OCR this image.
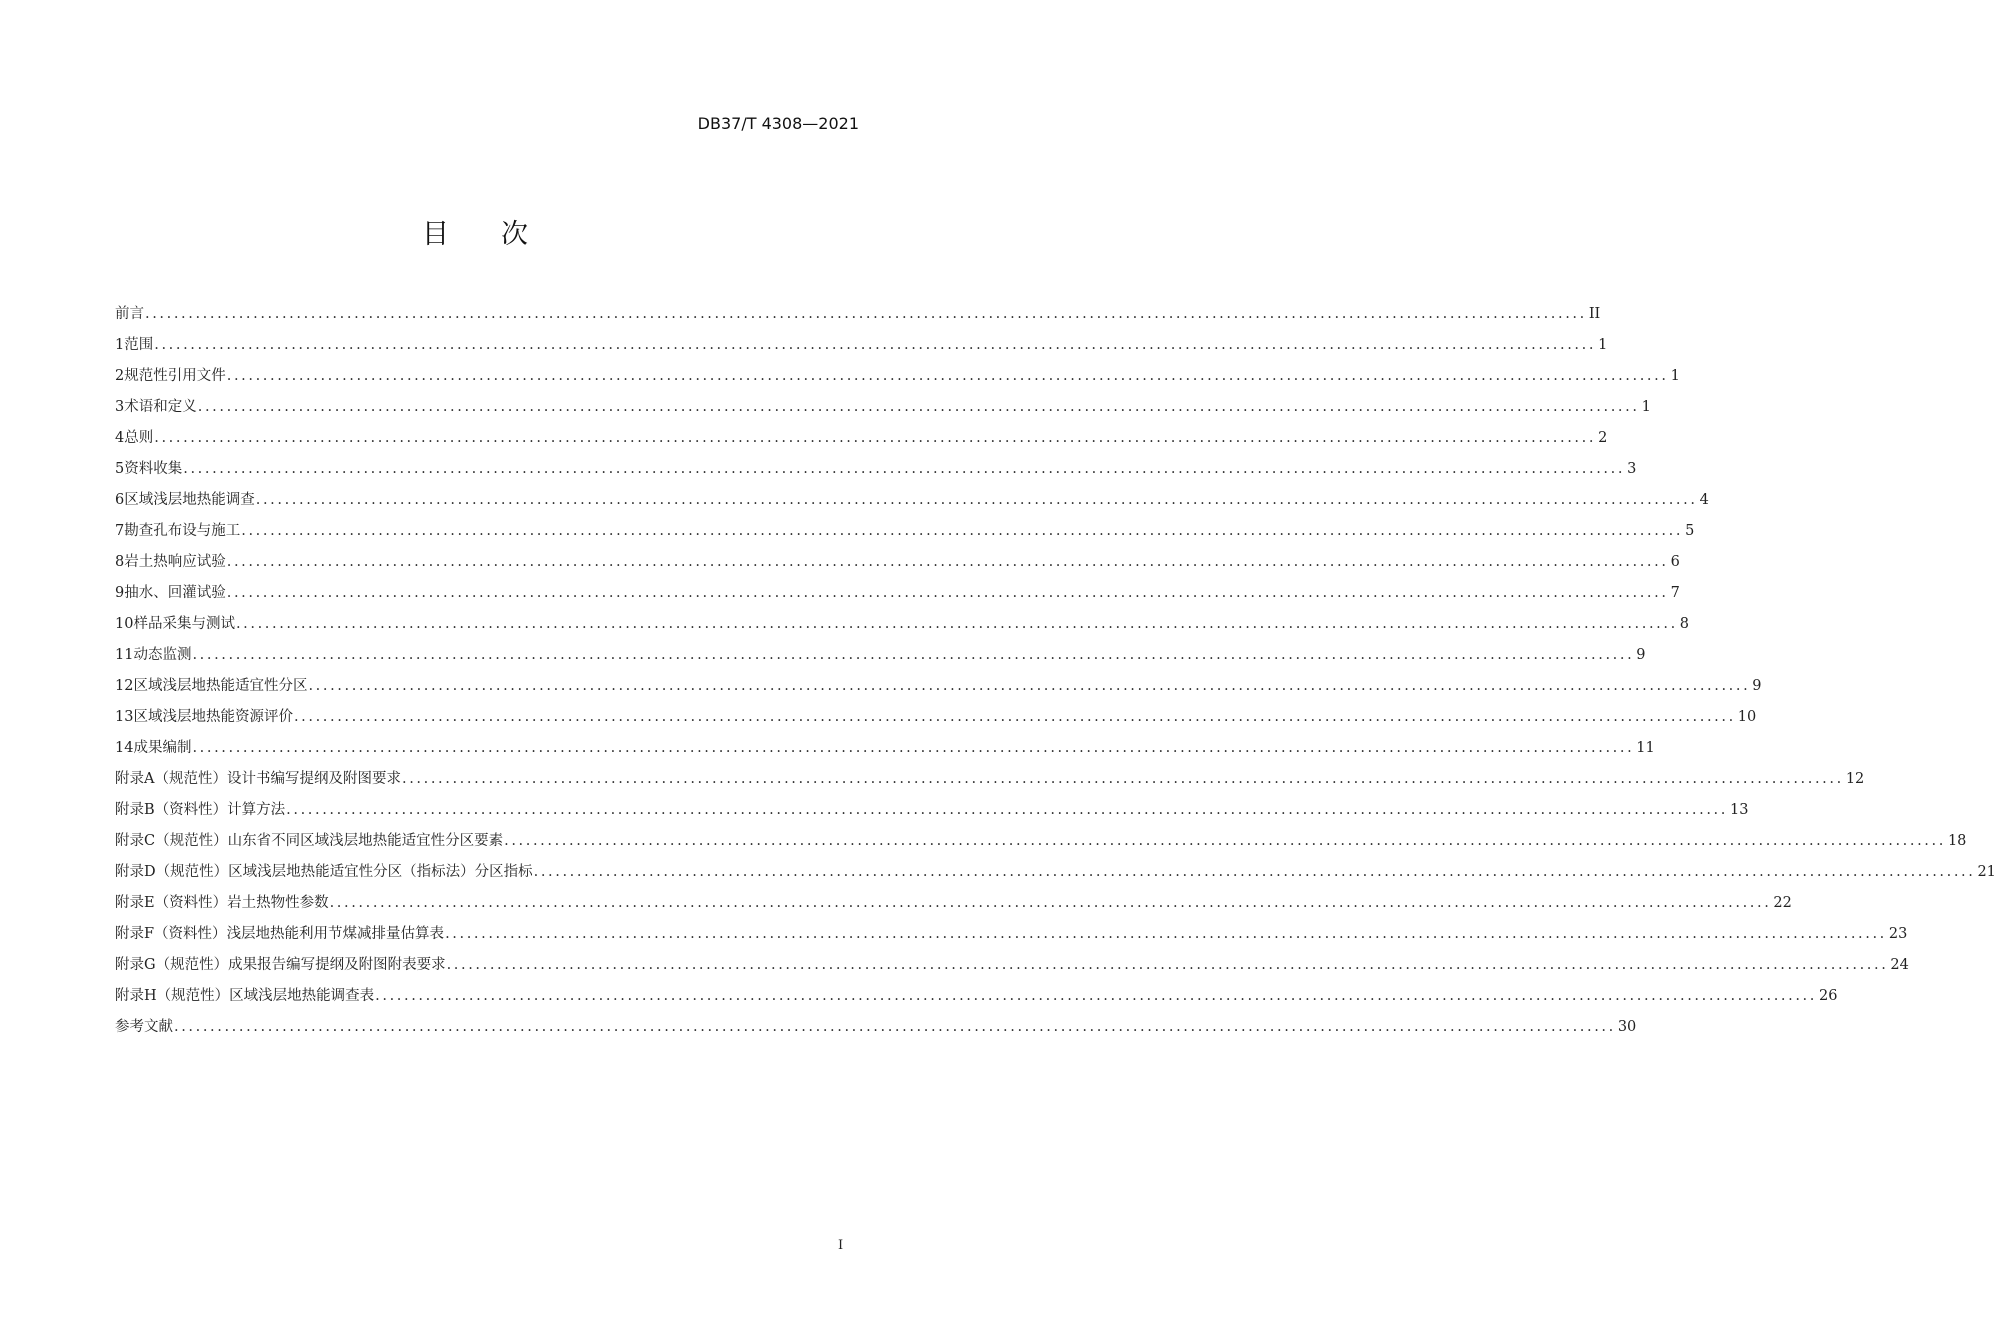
DB37/T 4308—2021
目 次
前言 ........................................................................................................................................................................................................ II
1 范围 ........................................................................................................................................................................................................ 1
2 规范性引用文件 ........................................................................................................................................................................................................ 1
3 术语和定义 ........................................................................................................................................................................................................ 1
4 总则 ........................................................................................................................................................................................................ 2
5 资料收集 ........................................................................................................................................................................................................ 3
6 区域浅层地热能调查 ........................................................................................................................................................................................................ 4
7 勘查孔布设与施工 ........................................................................................................................................................................................................ 5
8 岩土热响应试验 ........................................................................................................................................................................................................ 6
9 抽水、回灌试验 ........................................................................................................................................................................................................ 7
10 样品采集与测试 ........................................................................................................................................................................................................ 8
11 动态监测 ........................................................................................................................................................................................................ 9
12 区域浅层地热能适宜性分区 ........................................................................................................................................................................................................ 9
13 区域浅层地热能资源评价 ........................................................................................................................................................................................................ 10
14 成果编制 ........................................................................................................................................................................................................ 11
附录A（规范性） 设计书编写提纲及附图要求 ........................................................................................................................................................................................................ 12
附录B（资料性） 计算方法 ........................................................................................................................................................................................................ 13
附录C（规范性） 山东省不同区域浅层地热能适宜性分区要素 ........................................................................................................................................................................................................ 18
附录D（规范性） 区域浅层地热能适宜性分区（指标法）分区指标 ........................................................................................................................................................................................................ 21
附录E（资料性） 岩土热物性参数 ........................................................................................................................................................................................................ 22
附录F（资料性） 浅层地热能利用节煤减排量估算表 ........................................................................................................................................................................................................ 23
附录G（规范性） 成果报告编写提纲及附图附表要求 ........................................................................................................................................................................................................ 24
附录H（规范性） 区域浅层地热能调查表 ........................................................................................................................................................................................................ 26
参考文献 ........................................................................................................................................................................................................ 30
I
